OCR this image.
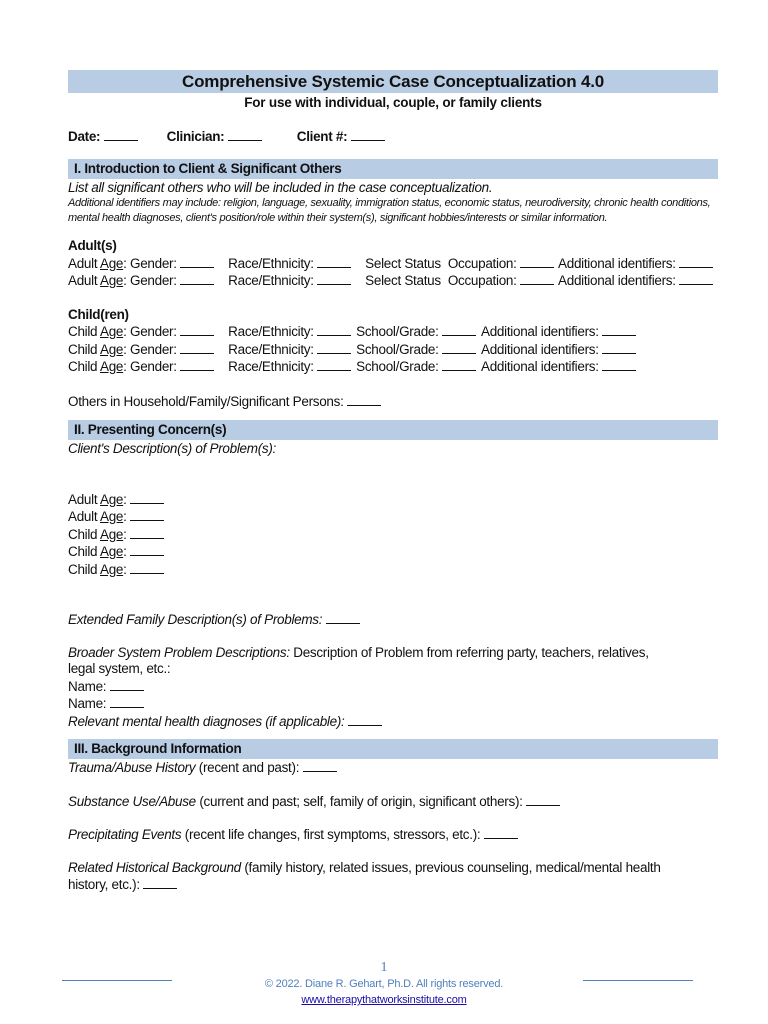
Comprehensive Systemic Case Conceptualization 4.0
For use with individual, couple, or family clients
Date:	Clinician:	Client #:
I. Introduction to Client & Significant Others
List all significant others who will be included in the case conceptualization.
Additional identifiers may include: religion, language, sexuality, immigration status, economic status, neurodiversity, chronic health conditions, mental health diagnoses, client's position/role within their system(s), significant hobbies/interests or similar information.
Adult(s)
Adult Age: Gender:	Race/Ethnicity:	Select Status Occupation:	Additional identifiers:
Adult Age: Gender:	Race/Ethnicity:	Select Status Occupation:	Additional identifiers:
Child(ren)
Child Age: Gender:	Race/Ethnicity:	School/Grade:	Additional identifiers:
Child Age: Gender:	Race/Ethnicity:	School/Grade:	Additional identifiers:
Child Age: Gender:	Race/Ethnicity:	School/Grade:	Additional identifiers:
Others in Household/Family/Significant Persons:
II. Presenting Concern(s)
Client's Description(s) of Problem(s):
Adult Age:
Adult Age:
Child Age:
Child Age:
Child Age:
Extended Family Description(s) of Problems:
Broader System Problem Descriptions: Description of Problem from referring party, teachers, relatives, legal system, etc.:
Name:
Name:
Relevant mental health diagnoses (if applicable):
III. Background Information
Trauma/Abuse History (recent and past):
Substance Use/Abuse (current and past; self, family of origin, significant others):
Precipitating Events (recent life changes, first symptoms, stressors, etc.):
Related Historical Background (family history, related issues, previous counseling, medical/mental health history, etc.):
1
© 2022. Diane R. Gehart, Ph.D. All rights reserved.
www.therapythatworksinstitute.com
